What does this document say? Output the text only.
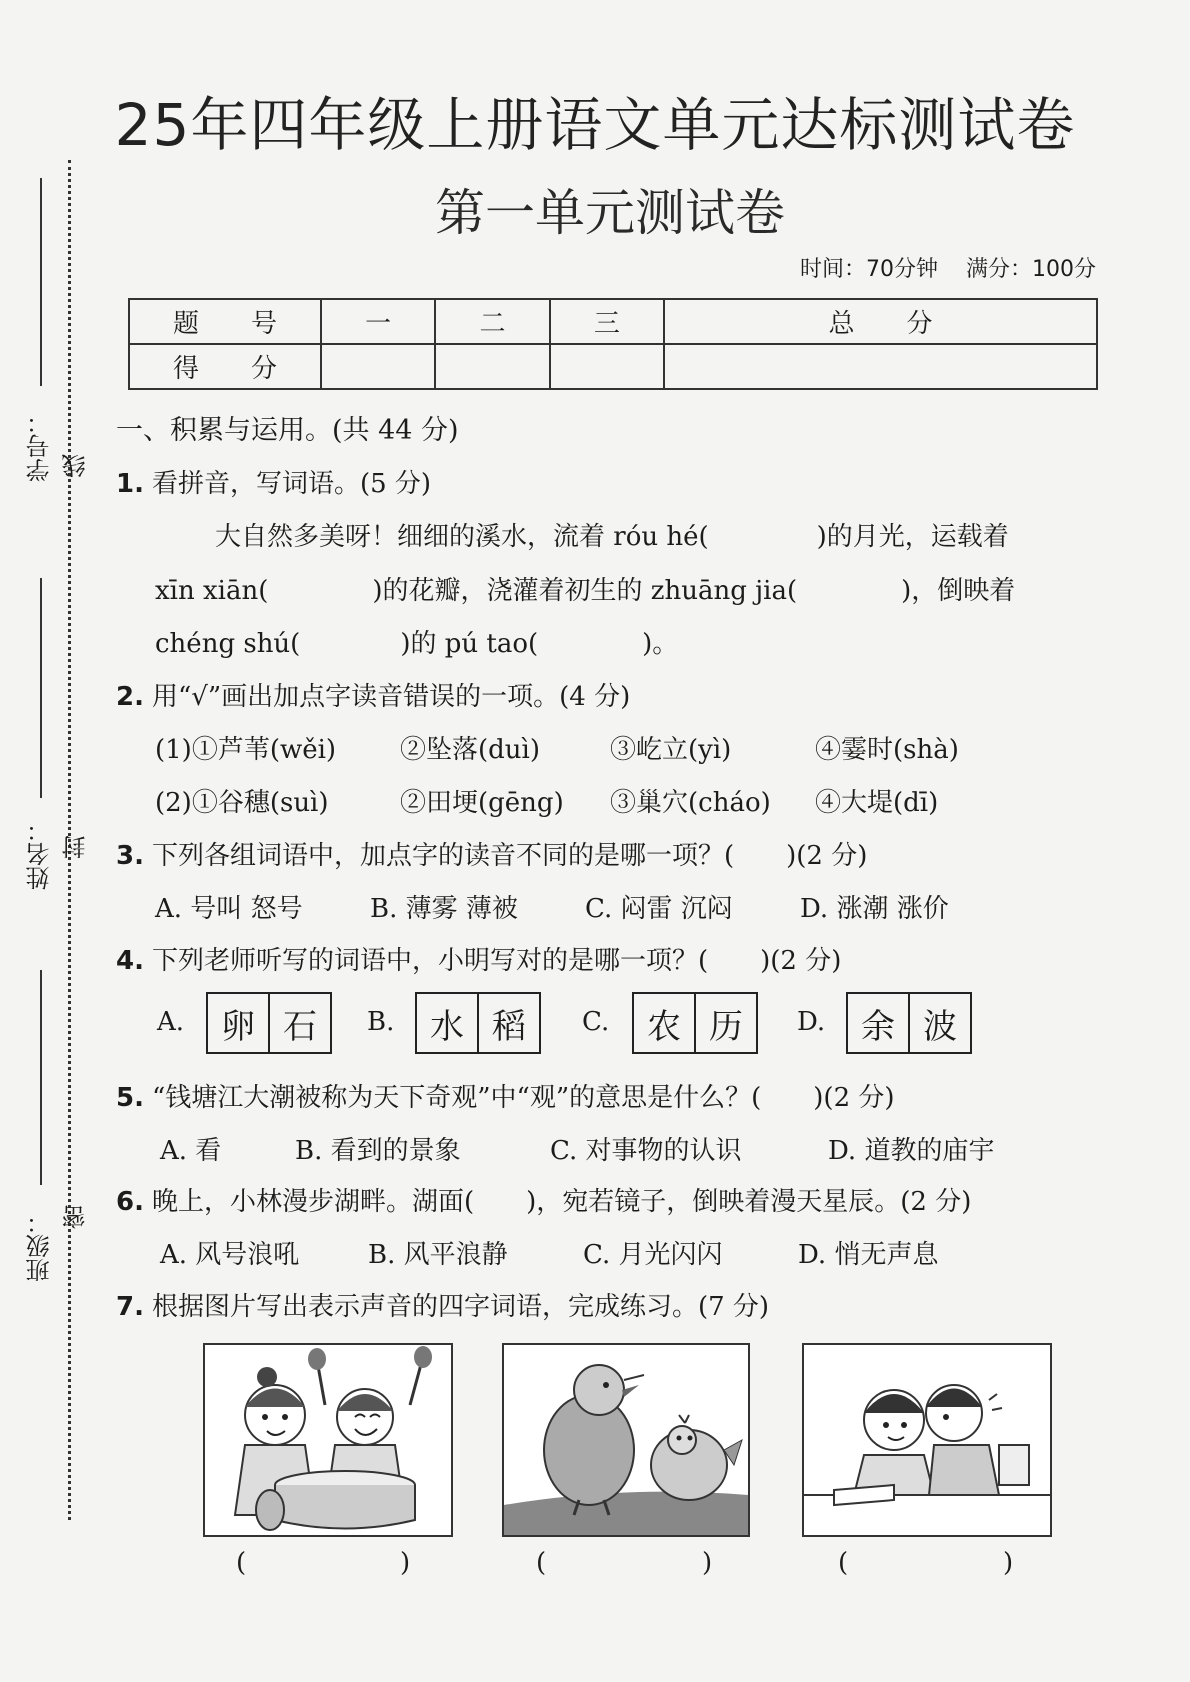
学号： 线
姓名： 封
班级： 密
25年四年级上册语文单元达标测试卷
第一单元测试卷
时间：70分钟 满分：100分
题　　号	一	二	三	总　　分
得　　分				
一、积累与运用。(共 44 分)
1. 看拼音，写词语。(5 分)
大自然多美呀！细细的溪水，流着 róu hé(	)的月光，运载着
xīn xiān(	)的花瓣，浇灌着初生的 zhuāng jia(	)，倒映着
chéng shú(	)的 pú tao(	)。
2. 用“√”画出加点字读音错误的一项。(4 分)
(1)①芦苇(wěi) ②坠落(duì)	③屹立(yì)	④霎时(shà)
(2)①谷穗(suì)	②田埂(gēng) ③巢穴(cháo) ④大堤(dī)
3. 下列各组词语中，加点字的读音不同的是哪一项？(　　)(2 分)
A. 号叫 怒号	B. 薄雾 薄被	C. 闷雷 沉闷	D. 涨潮 涨价
4. 下列老师听写的词语中，小明写对的是哪一项？(　　)(2 分)
A.	卵 石	B.	水 稻	C.	农 历	D.	余 波
5. “钱塘江大潮被称为天下奇观”中“观”的意思是什么？(　　)(2 分)
A. 看	B. 看到的景象	C. 对事物的认识	D. 道教的庙宇
6. 晚上，小林漫步湖畔。湖面(　　)，宛若镜子，倒映着漫天星辰。(2 分)
A. 风号浪吼	B. 风平浪静	C. 月光闪闪	D. 悄无声息
7. 根据图片写出表示声音的四字词语，完成练习。(7 分)
(	)	(	)	(	)
